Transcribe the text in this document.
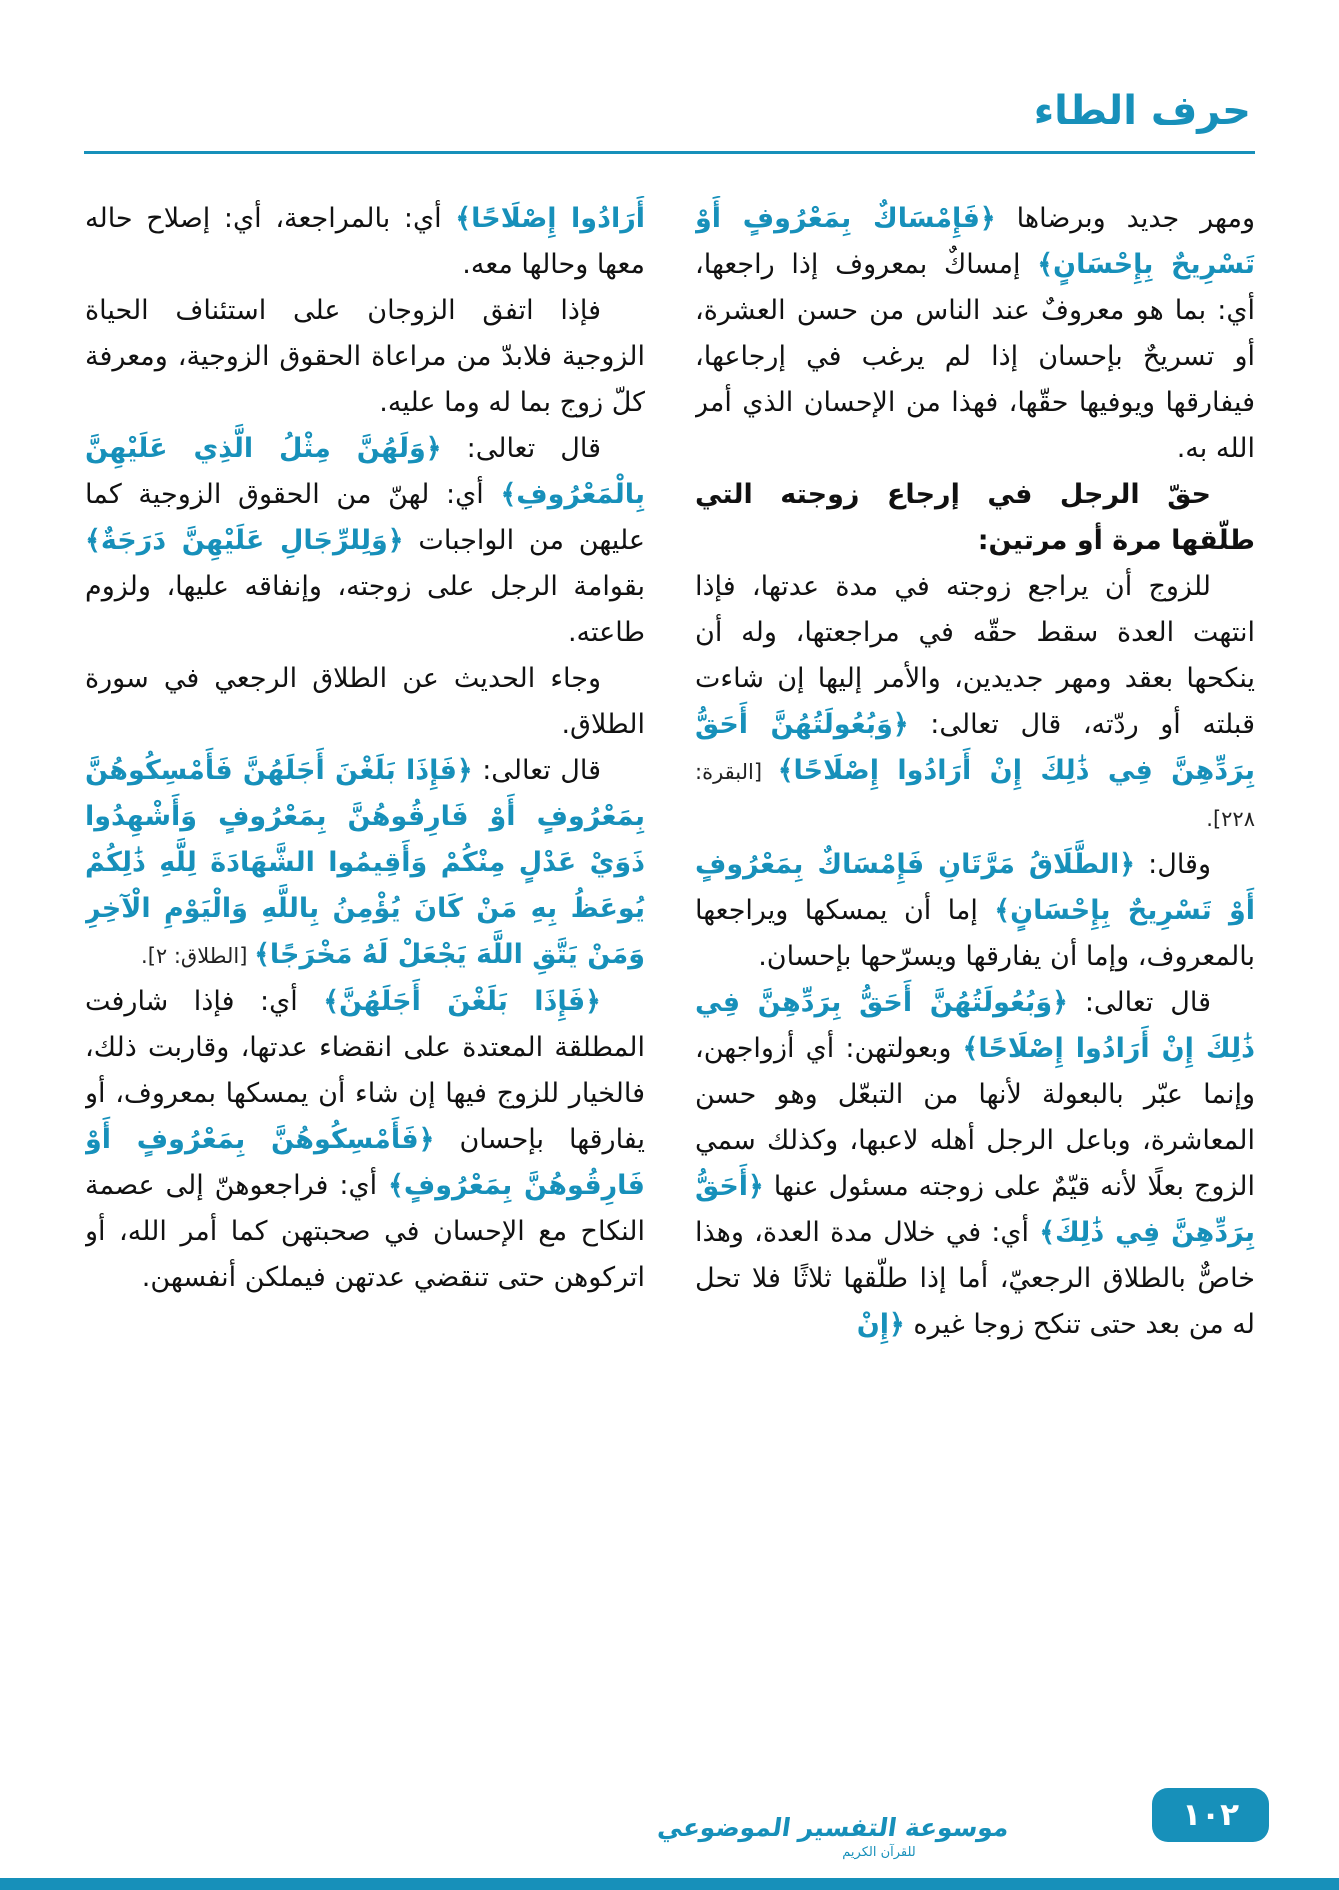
حرف الطاء

ومهر جديد وبرضاها ﴿فَإِمْسَاكٌ بِمَعْرُوفٍ أَوْ تَسْرِيحٌ بِإِحْسَانٍ﴾ إمساكٌ بمعروف إذا راجعها، أي: بما هو معروفٌ عند الناس من حسن العشرة، أو تسريحٌ بإحسان إذا لم يرغب في إرجاعها، فيفارقها ويوفيها حقّها، فهذا من الإحسان الذي أمر الله به.

حقّ الرجل في إرجاع زوجته التي طلّقها مرة أو مرتين:

للزوج أن يراجع زوجته في مدة عدتها، فإذا انتهت العدة سقط حقّه في مراجعتها، وله أن ينكحها بعقد ومهر جديدين، والأمر إليها إن شاءت قبلته أو ردّته، قال تعالى: ﴿وَبُعُولَتُهُنَّ أَحَقُّ بِرَدِّهِنَّ فِي ذَٰلِكَ إِنْ أَرَادُوا إِصْلَاحًا﴾ [البقرة: ٢٢٨].

وقال: ﴿الطَّلَاقُ مَرَّتَانِ فَإِمْسَاكٌ بِمَعْرُوفٍ أَوْ تَسْرِيحٌ بِإِحْسَانٍ﴾ إما أن يمسكها ويراجعها بالمعروف، وإما أن يفارقها ويسرّحها بإحسان.

قال تعالى: ﴿وَبُعُولَتُهُنَّ أَحَقُّ بِرَدِّهِنَّ فِي ذَٰلِكَ إِنْ أَرَادُوا إِصْلَاحًا﴾ وبعولتهن: أي أزواجهن، وإنما عبّر بالبعولة لأنها من التبعّل وهو حسن المعاشرة، وباعل الرجل أهله لاعبها، وكذلك سمي الزوج بعلًا لأنه قيّمٌ على زوجته مسئول عنها ﴿أَحَقُّ بِرَدِّهِنَّ فِي ذَٰلِكَ﴾ أي: في خلال مدة العدة، وهذا خاصٌّ بالطلاق الرجعيّ، أما إذا طلّقها ثلاثًا فلا تحل له من بعد حتى تنكح زوجا غيره ﴿إِنْ

أَرَادُوا إِصْلَاحًا﴾ أي: بالمراجعة، أي: إصلاح حاله معها وحالها معه.

فإذا اتفق الزوجان على استئناف الحياة الزوجية فلابدّ من مراعاة الحقوق الزوجية، ومعرفة كلّ زوج بما له وما عليه.

قال تعالى: ﴿وَلَهُنَّ مِثْلُ الَّذِي عَلَيْهِنَّ بِالْمَعْرُوفِ﴾ أي: لهنّ من الحقوق الزوجية كما عليهن من الواجبات ﴿وَلِلرِّجَالِ عَلَيْهِنَّ دَرَجَةٌ﴾ بقوامة الرجل على زوجته، وإنفاقه عليها، ولزوم طاعته.

وجاء الحديث عن الطلاق الرجعي في سورة الطلاق.

قال تعالى: ﴿فَإِذَا بَلَغْنَ أَجَلَهُنَّ فَأَمْسِكُوهُنَّ بِمَعْرُوفٍ أَوْ فَارِقُوهُنَّ بِمَعْرُوفٍ وَأَشْهِدُوا ذَوَيْ عَدْلٍ مِنْكُمْ وَأَقِيمُوا الشَّهَادَةَ لِلَّهِ ذَٰلِكُمْ يُوعَظُ بِهِ مَنْ كَانَ يُؤْمِنُ بِاللَّهِ وَالْيَوْمِ الْآخِرِ وَمَنْ يَتَّقِ اللَّهَ يَجْعَلْ لَهُ مَخْرَجًا﴾ [الطلاق: ٢].

﴿فَإِذَا بَلَغْنَ أَجَلَهُنَّ﴾ أي: فإذا شارفت المطلقة المعتدة على انقضاء عدتها، وقاربت ذلك، فالخيار للزوج فيها إن شاء أن يمسكها بمعروف، أو يفارقها بإحسان ﴿فَأَمْسِكُوهُنَّ بِمَعْرُوفٍ أَوْ فَارِقُوهُنَّ بِمَعْرُوفٍ﴾ أي: فراجعوهنّ إلى عصمة النكاح مع الإحسان في صحبتهن كما أمر الله، أو اتركوهن حتى تنقضي عدتهن فيملكن أنفسهن.

موسوعة التفسير الموضوعي
للقرآن الكريم
١٠٢
